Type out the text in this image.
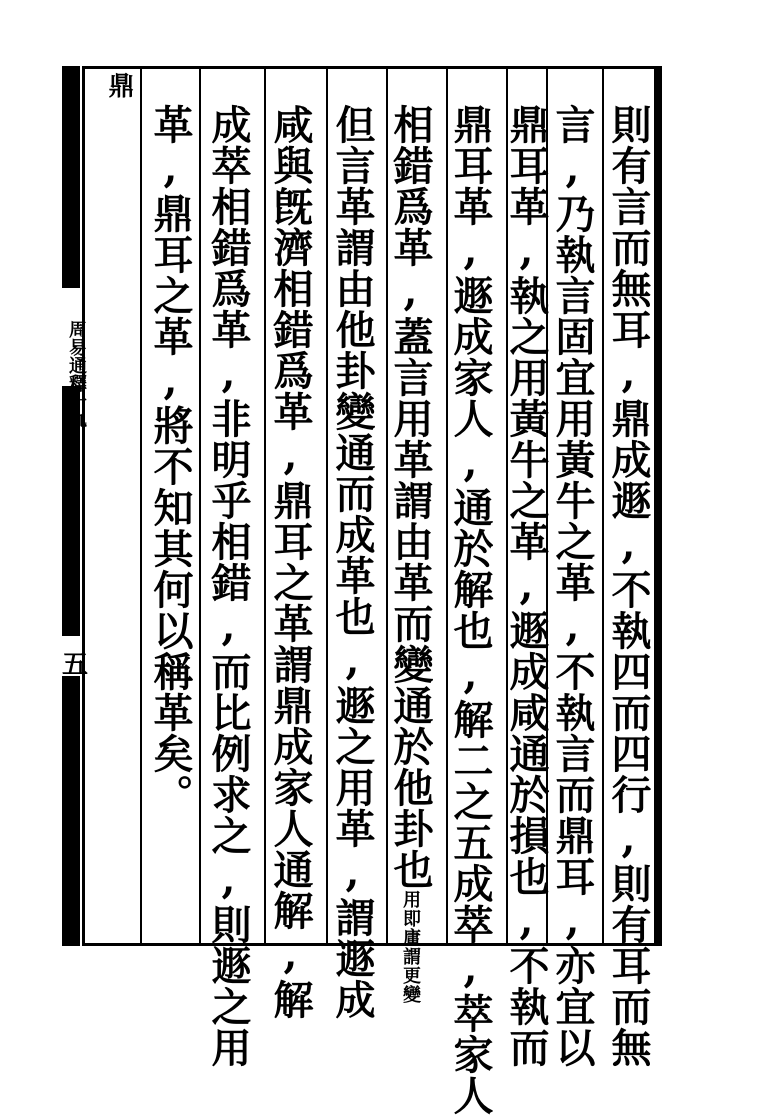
周易通釋十九
五
鼎
則有言而無耳,鼎成遯,不執四而四行,則有耳而無
言,乃執言固宜用黃牛之革,不執言而鼎耳,亦宜以
鼎耳革,執之用黃牛之革,遯成咸通於損也,不執而
鼎耳革,遯成家人,通於解也,解二之五成萃,萃家人
相錯爲革,蓋言用革謂由革而變通於他卦也用即庸謂更變
但言革謂由他卦變通而成革也,遯之用革,謂遯成
咸與旣濟相錯爲革,鼎耳之革謂鼎成家人通解,解
成萃相錯爲革,非明乎相錯,而比例求之,則遯之用
革,鼎耳之革,將不知其何以稱革矣。
